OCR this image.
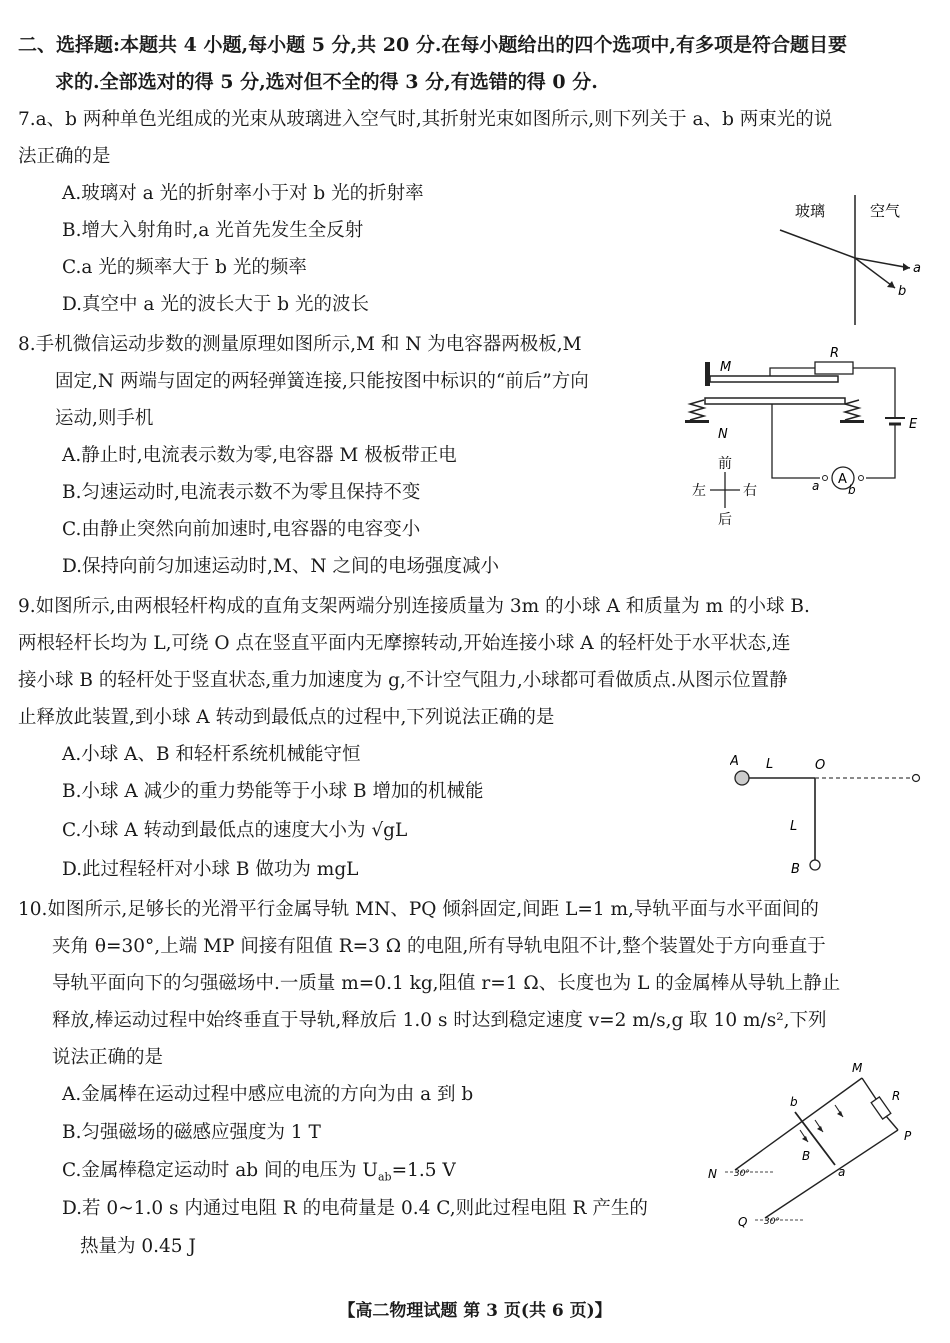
二、选择题:本题共 4 小题,每小题 5 分,共 20 分.在每小题给出的四个选项中,有多项是符合题目要
求的.全部选对的得 5 分,选对但不全的得 3 分,有选错的得 0 分.
7.a、b 两种单色光组成的光束从玻璃进入空气时,其折射光束如图所示,则下列关于 a、b 两束光的说
法正确的是
A.玻璃对 a 光的折射率小于对 b 光的折射率
B.增大入射角时,a 光首先发生全反射
C.a 光的频率大于 b 光的频率
D.真空中 a 光的波长大于 b 光的波长
玻璃	空气
a
b
8.手机微信运动步数的测量原理如图所示,M 和 N 为电容器两极板,M
固定,N 两端与固定的两轻弹簧连接,只能按图中标识的“前后”方向
运动,则手机
A.静止时,电流表示数为零,电容器 M 极板带正电
B.匀速运动时,电流表示数不为零且保持不变
C.由静止突然向前加速时,电容器的电容变小
D.保持向前匀加速运动时,M、N 之间的电场强度减小
M
R
E
N
A
a b
前
后
左	右
9.如图所示,由两根轻杆构成的直角支架两端分别连接质量为 3m 的小球 A 和质量为 m 的小球 B.
两根轻杆长均为 L,可绕 O 点在竖直平面内无摩擦转动,开始连接小球 A 的轻杆处于水平状态,连
接小球 B 的轻杆处于竖直状态,重力加速度为 g,不计空气阻力,小球都可看做质点.从图示位置静
止释放此装置,到小球 A 转动到最低点的过程中,下列说法正确的是
A.小球 A、B 和轻杆系统机械能守恒
B.小球 A 减少的重力势能等于小球 B 增加的机械能
C.小球 A 转动到最低点的速度大小为 √gL
D.此过程轻杆对小球 B 做功为 mgL
A L	O
L
B
10.如图所示,足够长的光滑平行金属导轨 MN、PQ 倾斜固定,间距 L=1 m,导轨平面与水平面间的
夹角 θ=30°,上端 MP 间接有阻值 R=3 Ω 的电阻,所有导轨电阻不计,整个装置处于方向垂直于
导轨平面向下的匀强磁场中.一质量 m=0.1 kg,阻值 r=1 Ω、长度也为 L 的金属棒从导轨上静止
释放,棒运动过程中始终垂直于导轨,释放后 1.0 s 时达到稳定速度 v=2 m/s,g 取 10 m/s²,下列
说法正确的是
A.金属棒在运动过程中感应电流的方向为由 a 到 b
B.匀强磁场的磁感应强度为 1 T
C.金属棒稳定运动时 ab 间的电压为 $U_{ab}=1.5$ V
D.若 0~1.0 s 内通过电阻 R 的电荷量是 0.4 C,则此过程电阻 R 产生的
热量为 0.45 J
M
R
P
b
B
a
N 30°
Q 30°
【高二物理试题 第 3 页(共 6 页)】
